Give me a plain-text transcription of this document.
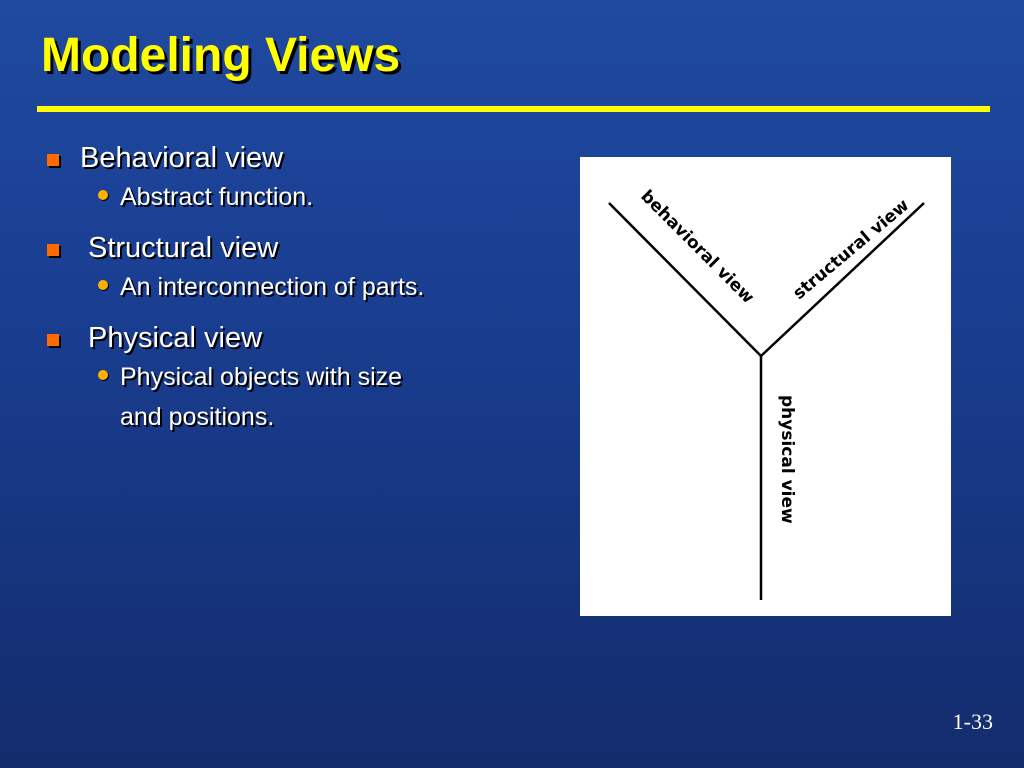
Modeling Views
Behavioral view
Abstract function.
Structural view
An interconnection of parts.
Physical view
Physical objects with size
and positions.
behavioral view structural view
physical view
1-33
